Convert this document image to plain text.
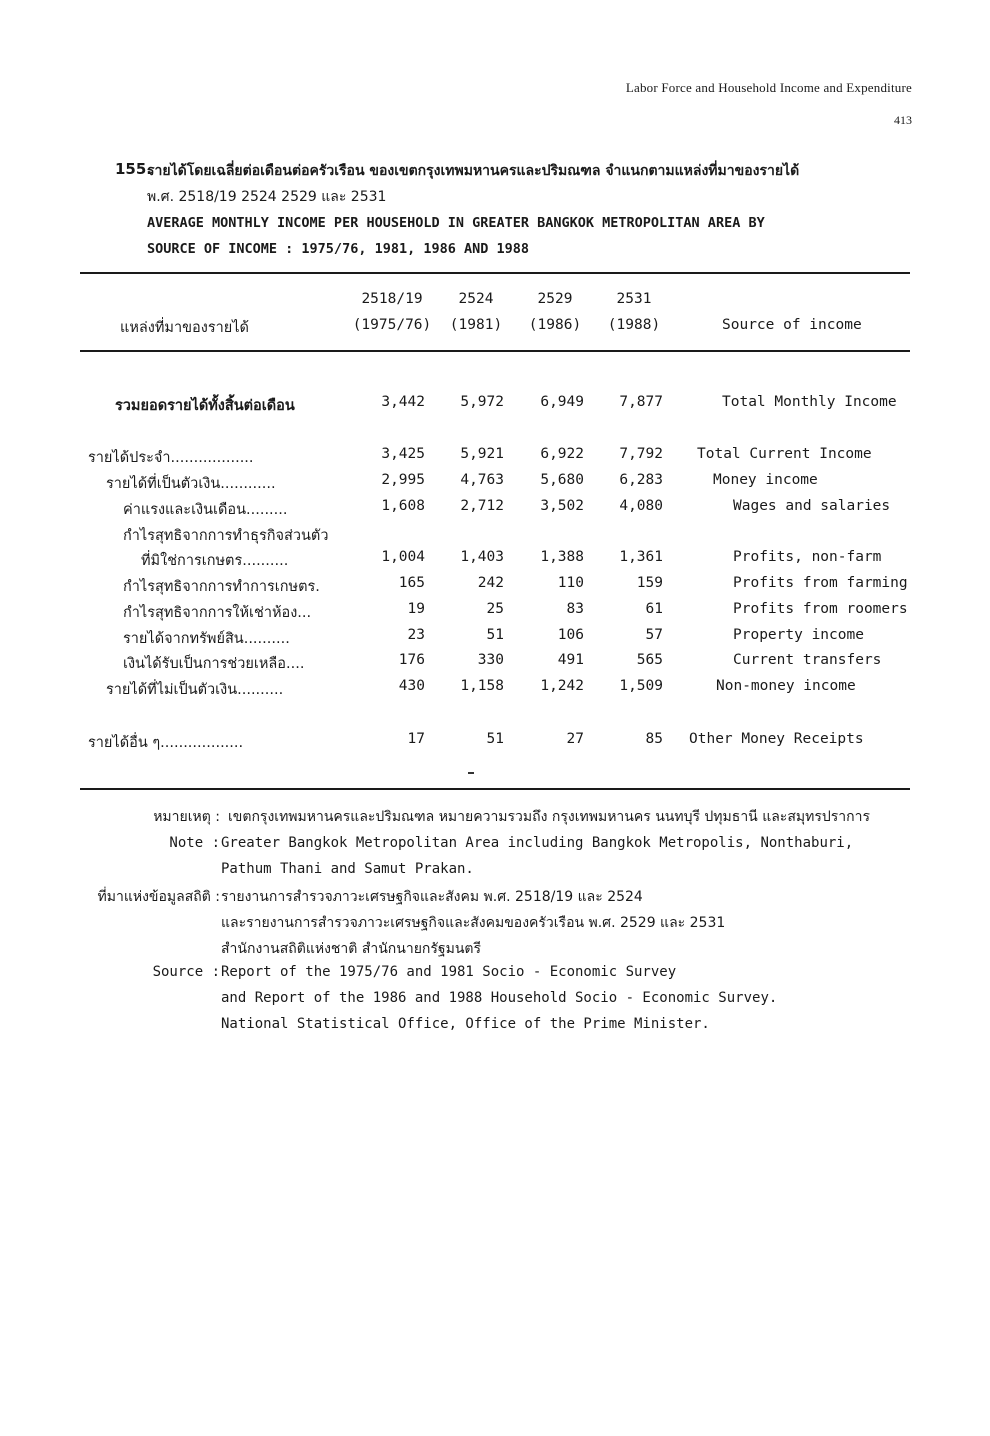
Labor Force and Household Income and Expenditure
413
155.
รายได้โดยเฉลี่ยต่อเดือนต่อครัวเรือน ของเขตกรุงเทพมหานครและปริมณฑล จำแนกตามแหล่งที่มาของรายได้
พ.ศ. 2518/19 2524 2529 และ 2531
AVERAGE MONTHLY INCOME PER HOUSEHOLD IN GREATER BANGKOK METROPOLITAN AREA BY
SOURCE OF INCOME : 1975/76, 1981, 1986 AND 1988
แหล่งที่มาของรายได้
2518/19	2524	2529	2531
(1975/76)	(1981)	(1986)	(1988)	Source of income
รวมยอดรายได้ทั้งสิ้นต่อเดือน	3,442	5,972	6,949	7,877	Total Monthly Income
รายได้ประจำ..................	3,425	5,921	6,922	7,792 Total Current Income
รายได้ที่เป็นตัวเงิน............	2,995	4,763	5,680	6,283	Money income
ค่าแรงและเงินเดือน.........	1,608	2,712	3,502	4,080	Wages and salaries
กำไรสุทธิจากการทำธุรกิจส่วนตัว
ที่มิใช่การเกษตร..........	1,004	1,403	1,388	1,361	Profits, non-farm
กำไรสุทธิจากการทำการเกษตร.	165	242	110	159	Profits from farming
กำไรสุทธิจากการให้เช่าห้อง...	19	25	83	61	Profits from roomers
รายได้จากทรัพย์สิน..........	23	51	106	57	Property income
เงินได้รับเป็นการช่วยเหลือ....	176	330	491	565	Current transfers
รายได้ที่ไม่เป็นตัวเงิน..........	430	1,158	1,242	1,509	Non-money income
รายได้อื่น ๆ..................	17	51	27	85 Other Money Receipts
หมายเหตุ : เขตกรุงเทพมหานครและปริมณฑล หมายความรวมถึง กรุงเทพมหานคร นนทบุรี ปทุมธานี และสมุทรปราการ
Note : Greater Bangkok Metropolitan Area including Bangkok Metropolis, Nonthaburi,
Pathum Thani and Samut Prakan.
ที่มาแห่งข้อมูลสถิติ : รายงานการสำรวจภาวะเศรษฐกิจและสังคม พ.ศ. 2518/19 และ 2524
และรายงานการสำรวจภาวะเศรษฐกิจและสังคมของครัวเรือน พ.ศ. 2529 และ 2531
สำนักงานสถิติแห่งชาติ สำนักนายกรัฐมนตรี
Source : Report of the 1975/76 and 1981 Socio - Economic Survey
and Report of the 1986 and 1988 Household Socio - Economic Survey.
National Statistical Office, Office of the Prime Minister.
